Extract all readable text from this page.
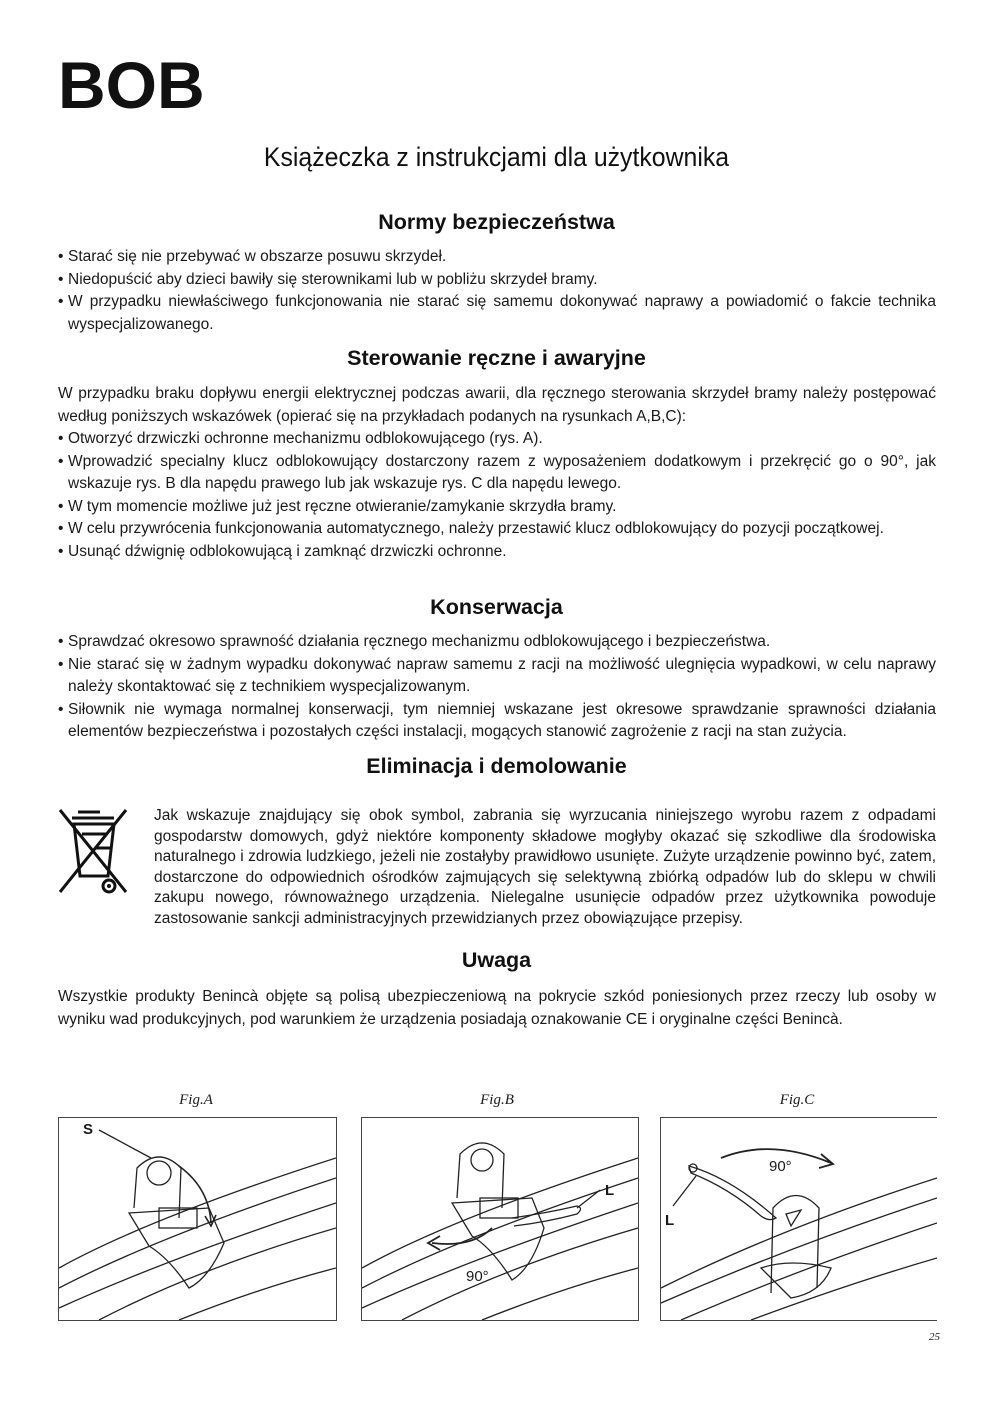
BOB
Książeczka z instrukcjami dla użytkownika
Normy bezpieczeństwa
• Starać się nie przebywać w obszarze posuwu skrzydeł.
• Niedopuścić aby dzieci bawiły się sterownikami lub w pobliżu skrzydeł bramy.
• W przypadku niewłaściwego funkcjonowania nie starać się samemu dokonywać naprawy a powiadomić o fakcie technika wyspecjalizowanego.
Sterowanie ręczne i awaryjne

W przypadku braku dopływu energii elektrycznej podczas awarii, dla ręcznego sterowania skrzydeł bramy należy postępować według poniższych wskazówek (opierać się na przykładach podanych na rysunkach A,B,C):

• Otworzyć drzwiczki ochronne mechanizmu odblokowującego (rys. A).
• Wprowadzić specialny klucz odblokowujący dostarczony razem z wyposażeniem dodatkowym i przekręcić go o 90°, jak wskazuje rys. B dla napędu prawego lub jak wskazuje rys. C dla napędu lewego.
• W tym momencie możliwe już jest ręczne otwieranie/zamykanie skrzydła bramy.
• W celu przywrócenia funkcjonowania automatycznego, należy przestawić klucz odblokowujący do pozycji początkowej.
• Usunąć dźwignię odblokowującą i zamknąć drzwiczki ochronne.
Konserwacja
• Sprawdzać okresowo sprawność działania ręcznego mechanizmu odblokowującego i bezpieczeństwa.
• Nie starać się w żadnym wypadku dokonywać napraw samemu z racji na możliwość ulegnięcia wypadkowi, w celu naprawy należy skontaktować się z technikiem wyspecjalizowanym.
• Siłownik nie wymaga normalnej konserwacji, tym niemniej wskazane jest okresowe sprawdzanie sprawności działania elementów bezpieczeństwa i pozostałych części instalacji, mogących stanowić zagrożenie z racji na stan zużycia.
Eliminacja i demolowanie
Jak wskazuje znajdujący się obok symbol, zabrania się wyrzucania niniejszego wyrobu razem z odpadami gospodarstw domowych, gdyż niektóre komponenty składowe mogłyby okazać się szkodliwe dla środowiska naturalnego i zdrowia ludzkiego, jeżeli nie zostałyby prawidłowo usunięte. Zużyte urządzenie powinno być, zatem, dostarczone do odpowiednich ośrodków zajmujących się selektywną zbiórką odpadów lub do sklepu w chwili zakupu nowego, równoważnego urządzenia. Nielegalne usunięcie odpadów przez użytkownika powoduje zastosowanie sankcji administracyjnych przewidzianych przez obowiązujące przepisy.
Uwaga
Wszystkie produkty Benincà objęte są polisą ubezpieczeniową na pokrycie szkód poniesionych przez rzeczy lub osoby w wyniku wad produkcyjnych, pod warunkiem że urządzenia posiadają oznakowanie CE i oryginalne części Benincà.
Fig.A	Fig.B	Fig.C
S
L
90°
L
90°
25
